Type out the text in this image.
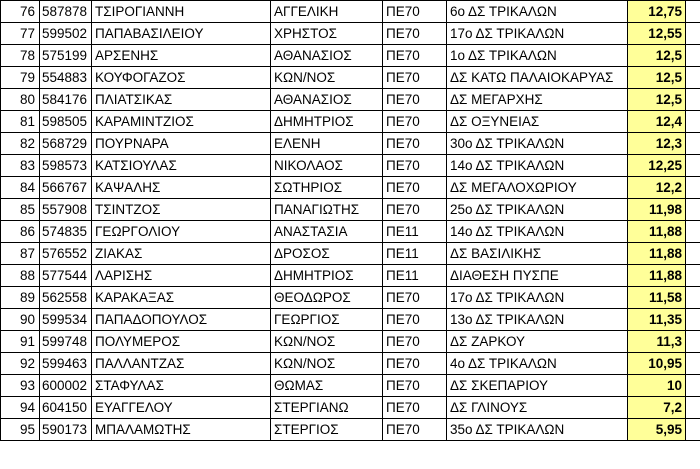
76	587878	ΤΣΙΡΟΓΙΑΝΝΗ	ΑΓΓΕΛΙΚΗ	ΠΕ70	6ο ΔΣ ΤΡΙΚΑΛΩΝ	12,75	
77	599502	ΠΑΠΑΒΑΣΙΛΕΙΟΥ	ΧΡΗΣΤΟΣ	ΠΕ70	17ο ΔΣ ΤΡΙΚΑΛΩΝ	12,55	
78	575199	ΑΡΣΕΝΗΣ	ΑΘΑΝΑΣΙΟΣ	ΠΕ70	1ο ΔΣ ΤΡΙΚΑΛΩΝ	12,5	
79	554883	ΚΟΥΦΟΓΑΖΟΣ	ΚΩΝ/ΝΟΣ	ΠΕ70	ΔΣ ΚΑΤΩ ΠΑΛΑΙΟΚΑΡΥΑΣ	12,5	
80	584176	ΠΛΙΑΤΣΙΚΑΣ	ΑΘΑΝΑΣΙΟΣ	ΠΕ70	ΔΣ ΜΕΓΑΡΧΗΣ	12,5	
81	598505	ΚΑΡΑΜΙΝΤΖΙΟΣ	ΔΗΜΗΤΡΙΟΣ	ΠΕ70	ΔΣ ΟΞΥΝΕΙΑΣ	12,4	
82	568729	ΠΟΥΡΝΑΡΑ	ΕΛΕΝΗ	ΠΕ70	30ο ΔΣ ΤΡΙΚΑΛΩΝ	12,3	
83	598573	ΚΑΤΣΙΟΥΛΑΣ	ΝΙΚΟΛΑΟΣ	ΠΕ70	14ο ΔΣ ΤΡΙΚΑΛΩΝ	12,25	
84	566767	ΚΑΨΑΛΗΣ	ΣΩΤΗΡΙΟΣ	ΠΕ70	ΔΣ ΜΕΓΑΛΟΧΩΡΙΟΥ	12,2	
85	557908	ΤΣΙΝΤΖΟΣ	ΠΑΝΑΓΙΩΤΗΣ	ΠΕ70	25ο ΔΣ ΤΡΙΚΑΛΩΝ	11,98	
86	574835	ΓΕΩΡΓΟΛΙΟΥ	ΑΝΑΣΤΑΣΙΑ	ΠΕ11	14ο ΔΣ ΤΡΙΚΑΛΩΝ	11,88	
87	576552	ΖΙΑΚΑΣ	ΔΡΟΣΟΣ	ΠΕ11	ΔΣ ΒΑΣΙΛΙΚΗΣ	11,88	
88	577544	ΛΑΡΙΣΗΣ	ΔΗΜΗΤΡΙΟΣ	ΠΕ11	ΔΙΑΘΕΣΗ ΠΥΣΠΕ	11,88	
89	562558	ΚΑΡΑΚΑΞΑΣ	ΘΕΟΔΩΡΟΣ	ΠΕ70	17ο ΔΣ ΤΡΙΚΑΛΩΝ	11,58	
90	599534	ΠΑΠΑΔΟΠΟΥΛΟΣ	ΓΕΩΡΓΙΟΣ	ΠΕ70	13ο ΔΣ ΤΡΙΚΑΛΩΝ	11,35	
91	599748	ΠΟΛΥΜΕΡΟΣ	ΚΩΝ/ΝΟΣ	ΠΕ70	ΔΣ ΖΑΡΚΟΥ	11,3	
92	599463	ΠΑΛΛΑΝΤΖΑΣ	ΚΩΝ/ΝΟΣ	ΠΕ70	4ο ΔΣ ΤΡΙΚΑΛΩΝ	10,95	
93	600002	ΣΤΑΦΥΛΑΣ	ΘΩΜΑΣ	ΠΕ70	ΔΣ ΣΚΕΠΑΡΙΟΥ	10	
94	604150	ΕΥΑΓΓΕΛΟΥ	ΣΤΕΡΓΙΑΝΩ	ΠΕ70	ΔΣ ΓΛΙΝΟΥΣ	7,2	
95	590173	ΜΠΑΛΑΜΩΤΗΣ	ΣΤΕΡΓΙΟΣ	ΠΕ70	35ο ΔΣ ΤΡΙΚΑΛΩΝ	5,95	
